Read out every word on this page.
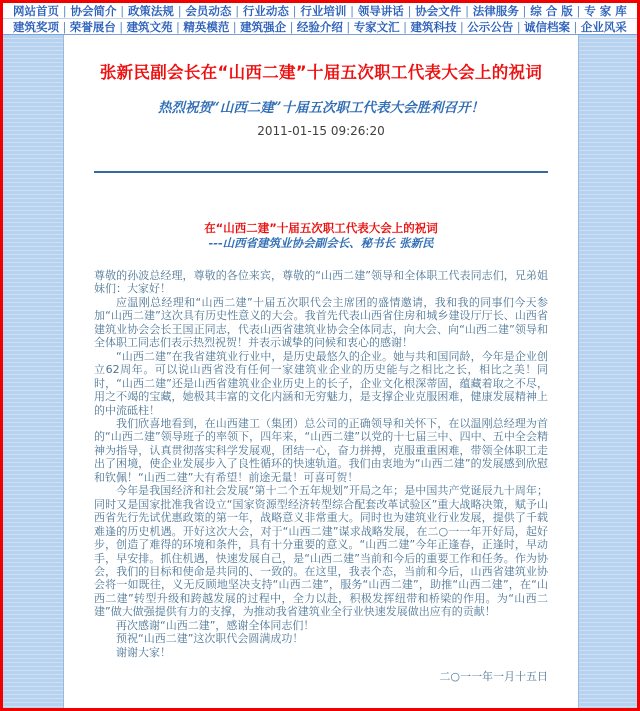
网站首页 | 协会简介 | 政策法规 | 会员动态 | 行业动态 | 行业培训 | 领导讲话 | 协会文件 | 法律服务 | 综 合 版 | 专 家 库
建筑奖项 | 荣誉展台 | 建筑文苑 | 精英模范 | 建筑强企 | 经验介绍 | 专家文汇 | 建筑科技 | 公示公告 | 诚信档案 | 企业风采
张新民副会长在“山西二建”十届五次职工代表大会上的祝词
热烈祝贺“山西二建”十届五次职工代表大会胜利召开！
2011-01-15 09:26:20
在“山西二建”十届五次职工代表大会上的祝词
---山西省建筑业协会副会长、秘书长 张新民

尊敬的孙波总经理，尊敬的各位来宾，尊敬的“山西二建”领导和全体职工代表同志们，兄弟姐妹们：大家好！

应温刚总经理和“山西二建”十届五次职代会主席团的盛情邀请，我和我的同事们今天参加“山西二建”这次具有历史性意义的大会。我首先代表山西省住房和城乡建设厅厅长、山西省建筑业协会会长王国正同志，代表山西省建筑业协会全体同志，向大会、向“山西二建”领导和全体职工同志们表示热烈祝贺！并表示诚挚的问候和衷心的感谢！

“山西二建”在我省建筑业行业中，是历史最悠久的企业。她与共和国同龄，今年是企业创立62周年。可以说山西省没有任何一家建筑业企业的历史能与之相比之长，相比之美！同时，“山西二建”还是山西省建筑业企业历史上的长子，企业文化根深蒂固，蕴藏着取之不尽，用之不竭的宝藏，她极其丰富的文化内涵和无穷魅力，是支撑企业克服困难，健康发展精神上的中流砥柱！

我们欣喜地看到，在山西建工（集团）总公司的正确领导和关怀下，在以温刚总经理为首的“山西二建”领导班子的率领下，四年来，“山西二建”以党的十七届三中、四中、五中全会精神为指导，认真贯彻落实科学发展观，团结一心，奋力拼搏，克服重重困难，带领全体职工走出了困境，使企业发展步入了良性循环的快速轨道。我们由衷地为“山西二建”的发展感到欣慰和钦佩！“山西二建”大有希望！前途无量！可喜可贺！

今年是我国经济和社会发展“第十二个五年规划”开局之年；是中国共产党诞辰九十周年；同时又是国家批准我省设立“国家资源型经济转型综合配套改革试验区”重大战略决策，赋予山西省先行先试优惠政策的第一年，战略意义非常重大。同时也为建筑业行业发展，提供了千载难逢的历史机遇。开好这次大会，对于“山西二建”谋求战略发展，在二○一一年开好局，起好步，创造了难得的环境和条件，具有十分重要的意义。“山西二建”今年正逢春，正逢时，早动手，早安排。抓住机遇，快速发展自己，是“山西二建”当前和今后的重要工作和任务。作为协会，我们的目标和使命是共同的、一致的。在这里，我表个态，当前和今后，山西省建筑业协会将一如既往，义无反顾地坚决支持“山西二建”，服务“山西二建”，助推“山西二建”，在“山西二建”转型升级和跨越发展的过程中，全力以赴，积极发挥纽带和桥梁的作用。为“山西二建”做大做强提供有力的支撑，为推动我省建筑业全行业快速发展做出应有的贡献！

再次感谢“山西二建”，感谢全体同志们！

预祝“山西二建”这次职代会圆满成功！

谢谢大家！

二○一一年一月十五日
